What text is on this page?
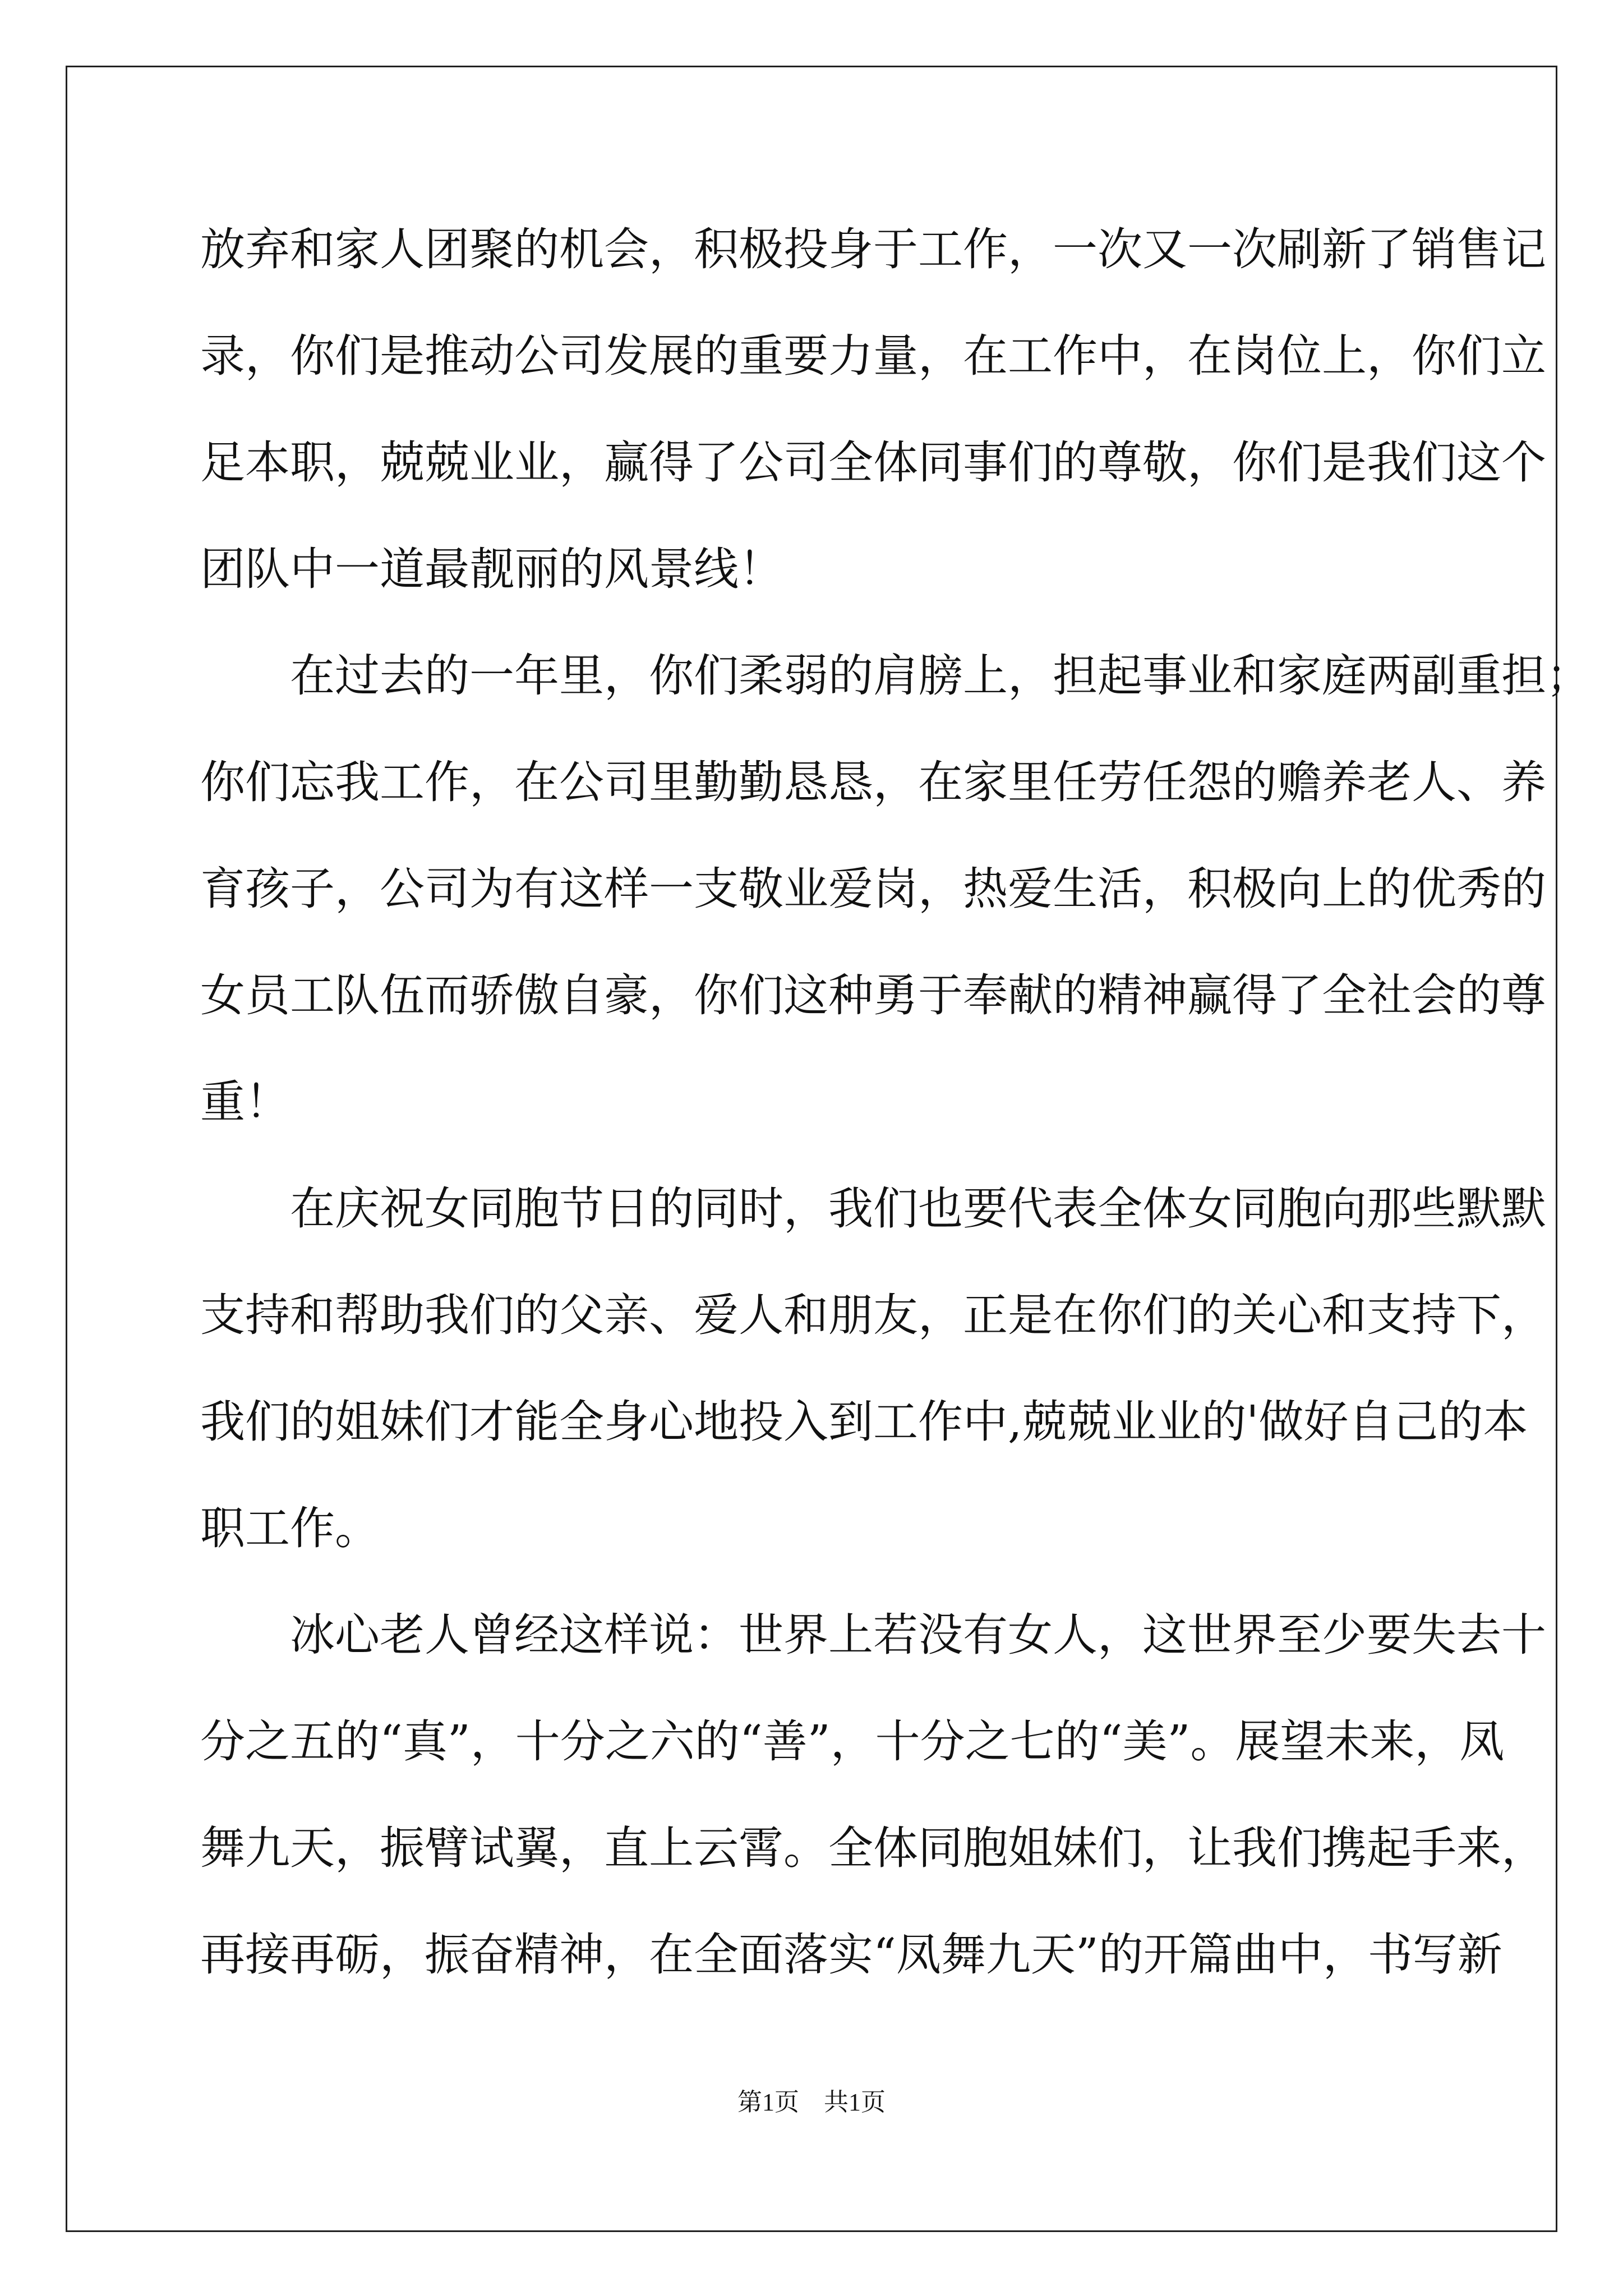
放弃和家人团聚的机会，积极投身于工作，一次又一次刷新了销售记
录，你们是推动公司发展的重要力量，在工作中，在岗位上，你们立
足本职，兢兢业业，赢得了公司全体同事们的尊敬，你们是我们这个
团队中一道最靓丽的风景线！
在过去的一年里，你们柔弱的肩膀上，担起事业和家庭两副重担；
你们忘我工作，在公司里勤勤恳恳，在家里任劳任怨的赡养老人、养
育孩子，公司为有这样一支敬业爱岗，热爱生活，积极向上的优秀的
女员工队伍而骄傲自豪，你们这种勇于奉献的精神赢得了全社会的尊
重！
在庆祝女同胞节日的同时，我们也要代表全体女同胞向那些默默
支持和帮助我们的父亲、爱人和朋友，正是在你们的关心和支持下，
我们的姐妹们才能全身心地投入到工作中,兢兢业业的'做好自己的本
职工作。
冰心老人曾经这样说：世界上若没有女人，这世界至少要失去十
分之五的“真”，十分之六的“善”，十分之七的“美”。展望未来，凤
舞九天，振臂试翼，直上云霄。全体同胞姐妹们，让我们携起手来，
再接再砺，振奋精神，在全面落实“凤舞九天”的开篇曲中，书写新
第1页　共1页
